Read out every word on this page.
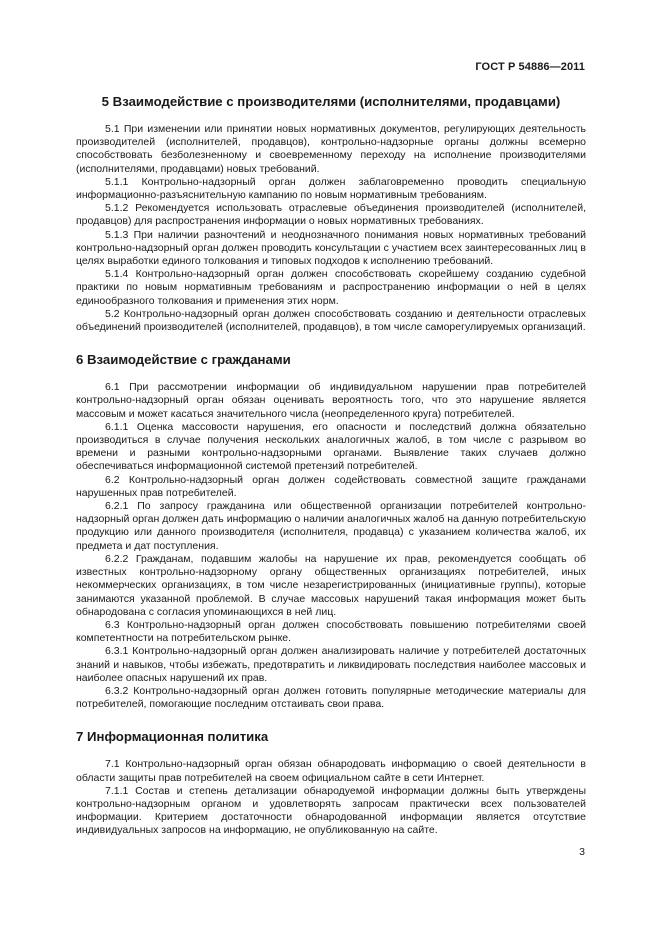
ГОСТ Р 54886—2011
5 Взаимодействие с производителями (исполнителями, продавцами)

5.1 При изменении или принятии новых нормативных документов, регулирующих деятельность производителей (исполнителей, продавцов), контрольно-надзорные органы должны всемерно способствовать безболезненному и своевременному переходу на исполнение производителями (исполнителями, продавцами) новых требований.

5.1.1 Контрольно-надзорный орган должен заблаговременно проводить специальную информационно-разъяснительную кампанию по новым нормативным требованиям.

5.1.2 Рекомендуется использовать отраслевые объединения производителей (исполнителей, продавцов) для распространения информации о новых нормативных требованиях.

5.1.3 При наличии разночтений и неоднозначного понимания новых нормативных требований контрольно-надзорный орган должен проводить консультации с участием всех заинтересованных лиц в целях выработки единого толкования и типовых подходов к исполнению требований.

5.1.4 Контрольно-надзорный орган должен способствовать скорейшему созданию судебной практики по новым нормативным требованиям и распространению информации о ней в целях единообразного толкования и применения этих норм.

5.2 Контрольно-надзорный орган должен способствовать созданию и деятельности отраслевых объединений производителей (исполнителей, продавцов), в том числе саморегулируемых организаций.

6 Взаимодействие с гражданами

6.1 При рассмотрении информации об индивидуальном нарушении прав потребителей контрольно-надзорный орган обязан оценивать вероятность того, что это нарушение является массовым и может касаться значительного числа (неопределенного круга) потребителей.

6.1.1 Оценка массовости нарушения, его опасности и последствий должна обязательно производиться в случае получения нескольких аналогичных жалоб, в том числе с разрывом во времени и разными контрольно-надзорными органами. Выявление таких случаев должно обеспечиваться информационной системой претензий потребителей.

6.2 Контрольно-надзорный орган должен содействовать совместной защите гражданами нарушенных прав потребителей.

6.2.1 По запросу гражданина или общественной организации потребителей контрольно-надзорный орган должен дать информацию о наличии аналогичных жалоб на данную потребительскую продукцию или данного производителя (исполнителя, продавца) с указанием количества жалоб, их предмета и дат поступления.

6.2.2 Гражданам, подавшим жалобы на нарушение их прав, рекомендуется сообщать об известных контрольно-надзорному органу общественных организациях потребителей, иных некоммерческих организациях, в том числе незарегистрированных (инициативные группы), которые занимаются указанной проблемой. В случае массовых нарушений такая информация может быть обнародована с согласия упоминающихся в ней лиц.

6.3 Контрольно-надзорный орган должен способствовать повышению потребителями своей компетентности на потребительском рынке.

6.3.1 Контрольно-надзорный орган должен анализировать наличие у потребителей достаточных знаний и навыков, чтобы избежать, предотвратить и ликвидировать последствия наиболее массовых и наиболее опасных нарушений их прав.

6.3.2 Контрольно-надзорный орган должен готовить популярные методические материалы для потребителей, помогающие последним отстаивать свои права.

7 Информационная политика

7.1 Контрольно-надзорный орган обязан обнародовать информацию о своей деятельности в области защиты прав потребителей на своем официальном сайте в сети Интернет.

7.1.1 Состав и степень детализации обнародуемой информации должны быть утверждены контрольно-надзорным органом и удовлетворять запросам практически всех пользователей информации. Критерием достаточности обнародованной информации является отсутствие индивидуальных запросов на информацию, не опубликованную на сайте.

3
